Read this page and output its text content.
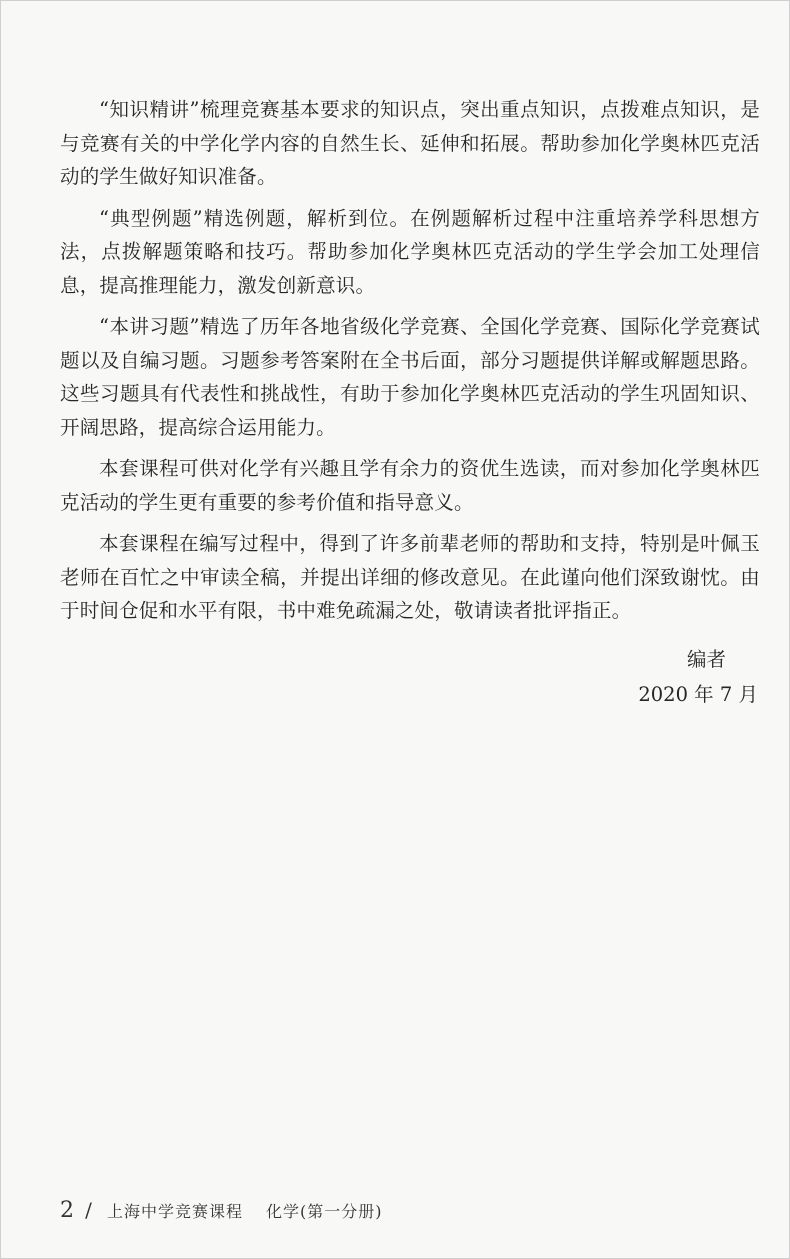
“知识精讲”梳理竞赛基本要求的知识点，突出重点知识，点拨难点知识，是与竞赛有关的中学化学内容的自然生长、延伸和拓展。帮助参加化学奥林匹克活动的学生做好知识准备。

“典型例题”精选例题，解析到位。在例题解析过程中注重培养学科思想方法，点拨解题策略和技巧。帮助参加化学奥林匹克活动的学生学会加工处理信息，提高推理能力，激发创新意识。

“本讲习题”精选了历年各地省级化学竞赛、全国化学竞赛、国际化学竞赛试题以及自编习题。习题参考答案附在全书后面，部分习题提供详解或解题思路。这些习题具有代表性和挑战性，有助于参加化学奥林匹克活动的学生巩固知识、开阔思路，提高综合运用能力。

本套课程可供对化学有兴趣且学有余力的资优生选读，而对参加化学奥林匹克活动的学生更有重要的参考价值和指导意义。

本套课程在编写过程中，得到了许多前辈老师的帮助和支持，特别是叶佩玉老师在百忙之中审读全稿，并提出详细的修改意见。在此谨向他们深致谢忱。由于时间仓促和水平有限，书中难免疏漏之处，敬请读者批评指正。

编者
2020 年 7 月
2 / 上海中学竞赛课程 化学(第一分册)
